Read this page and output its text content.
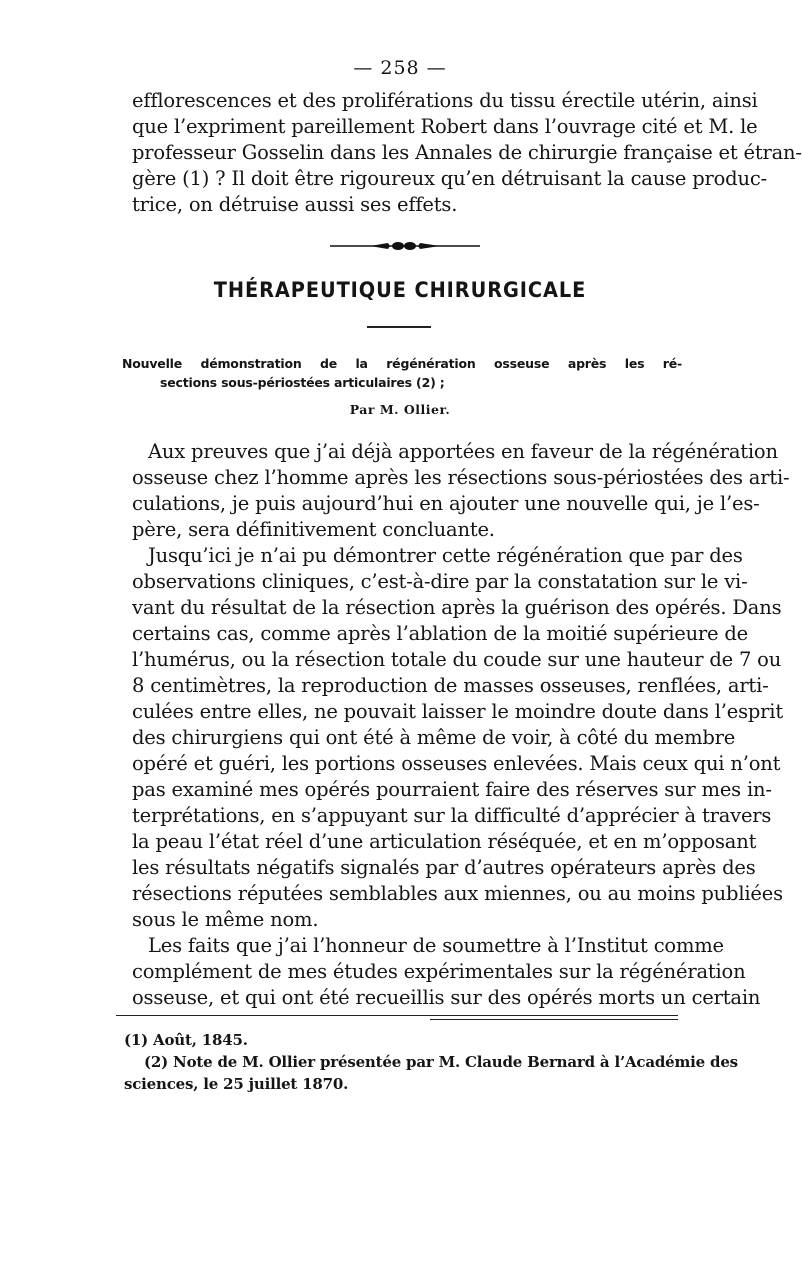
— 258 —
efflorescences et des proliférations du tissu érectile utérin, ainsi
que l’expriment pareillement Robert dans l’ouvrage cité et M. le
professeur Gosselin dans les Annales de chirurgie française et étran-
gère (1) ? Il doit être rigoureux qu’en détruisant la cause produc-
trice, on détruise aussi ses effets.
THÉRAPEUTIQUE CHIRURGICALE
Nouvelle démonstration de la régénération osseuse après les ré-
sections sous-périostées articulaires (2) ;
Par M. Ollier.
Aux preuves que j’ai déjà apportées en faveur de la régénération
osseuse chez l’homme après les résections sous-périostées des arti-
culations, je puis aujourd’hui en ajouter une nouvelle qui, je l’es-
père, sera définitivement concluante.
Jusqu’ici je n’ai pu démontrer cette régénération que par des
observations cliniques, c’est-à-dire par la constatation sur le vi-
vant du résultat de la résection après la guérison des opérés. Dans
certains cas, comme après l’ablation de la moitié supérieure de
l’humérus, ou la résection totale du coude sur une hauteur de 7 ou
8 centimètres, la reproduction de masses osseuses, renflées, arti-
culées entre elles, ne pouvait laisser le moindre doute dans l’esprit
des chirurgiens qui ont été à même de voir, à côté du membre
opéré et guéri, les portions osseuses enlevées. Mais ceux qui n’ont
pas examiné mes opérés pourraient faire des réserves sur mes in-
terprétations, en s’appuyant sur la difficulté d’apprécier à travers
la peau l’état réel d’une articulation réséquée, et en m’opposant
les résultats négatifs signalés par d’autres opérateurs après des
résections réputées semblables aux miennes, ou au moins publiées
sous le même nom.
Les faits que j’ai l’honneur de soumettre à l’Institut comme
complément de mes études expérimentales sur la régénération
osseuse, et qui ont été recueillis sur des opérés morts un certain
(1) Août, 1845.
(2) Note de M. Ollier présentée par M. Claude Bernard à l’Académie des
sciences, le 25 juillet 1870.
